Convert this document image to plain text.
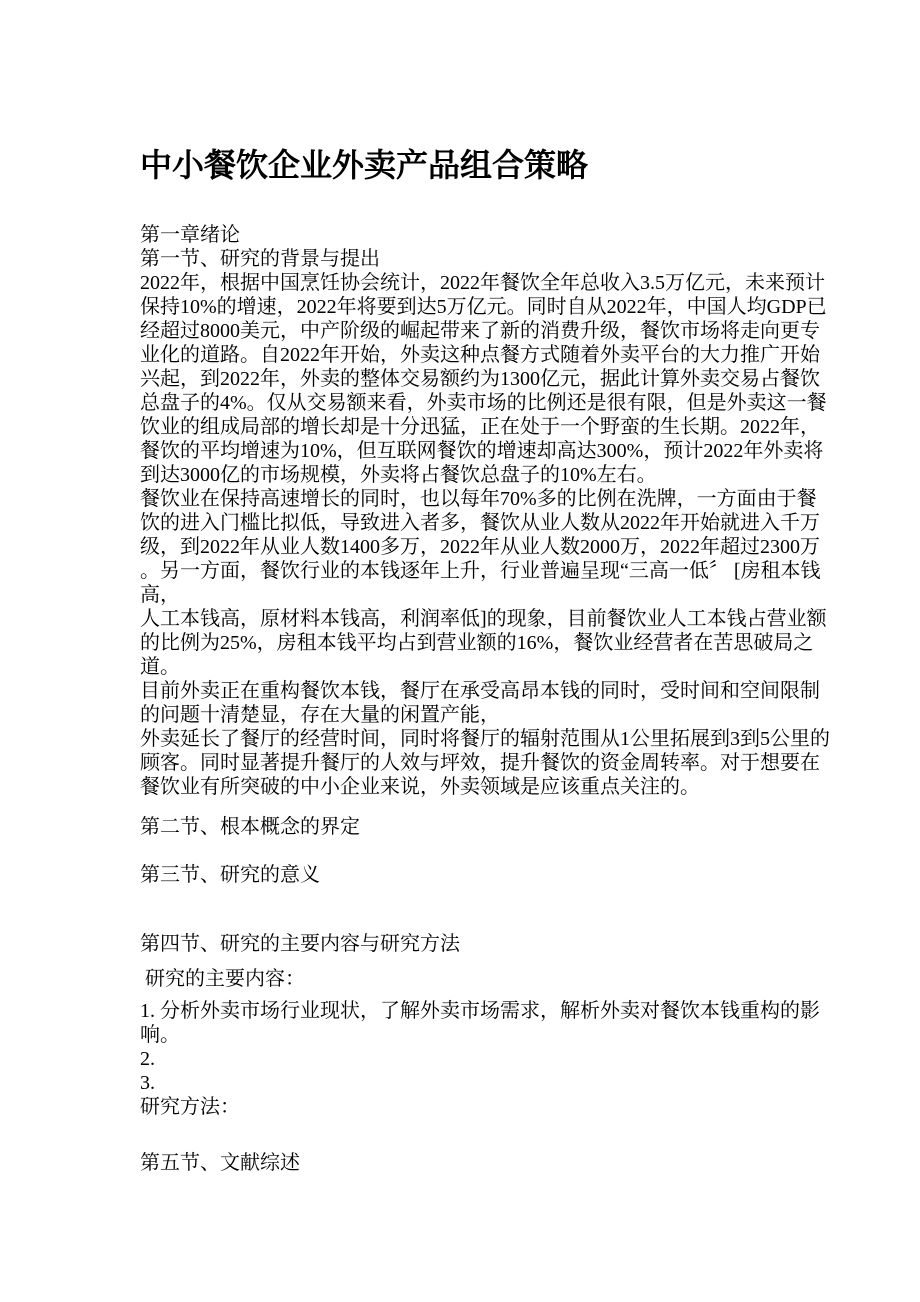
中小餐饮企业外卖产品组合策略
第一章绪论
第一节、研究的背景与提出
2022年，根据中国烹饪协会统计，2022年餐饮全年总收入3.5万亿元，未来预计
保持10%的增速，2022年将要到达5万亿元。同时自从2022年，中国人均GDP已
经超过8000美元，中产阶级的崛起带来了新的消费升级，餐饮市场将走向更专
业化的道路。自2022年开始，外卖这种点餐方式随着外卖平台的大力推广开始
兴起，到2022年，外卖的整体交易额约为1300亿元，据此计算外卖交易占餐饮
总盘子的4%。仅从交易额来看，外卖市场的比例还是很有限，但是外卖这一餐
饮业的组成局部的增长却是十分迅猛，正在处于一个野蛮的生长期。2022年，
餐饮的平均增速为10%，但互联网餐饮的增速却高达300%，预计2022年外卖将
到达3000亿的市场规模，外卖将占餐饮总盘子的10%左右。
餐饮业在保持高速增长的同时，也以每年70%多的比例在洗牌，一方面由于餐
饮的进入门槛比拟低，导致进入者多，餐饮从业人数从2022年开始就进入千万
级，到2022年从业人数1400多万，2022年从业人数2000万，2022年超过2300万
。另一方面，餐饮行业的本钱逐年上升，行业普遍呈现“三高一低〞 [房租本钱
高，
人工本钱高，原材料本钱高，利润率低]的现象，目前餐饮业人工本钱占营业额
的比例为25%，房租本钱平均占到营业额的16%，餐饮业经营者在苦思破局之
道。
目前外卖正在重构餐饮本钱，餐厅在承受高昂本钱的同时，受时间和空间限制
的问题十清楚显，存在大量的闲置产能，
外卖延长了餐厅的经营时间，同时将餐厅的辐射范围从1公里拓展到3到5公里的
顾客。同时显著提升餐厅的人效与坪效，提升餐饮的资金周转率。对于想要在
餐饮业有所突破的中小企业来说，外卖领域是应该重点关注的。
第二节、根本概念的界定
第三节、研究的意义
第四节、研究的主要内容与研究方法
研究的主要内容：
1. 分析外卖市场行业现状，了解外卖市场需求，解析外卖对餐饮本钱重构的影
响。
2.
3.
研究方法：
第五节、文献综述
